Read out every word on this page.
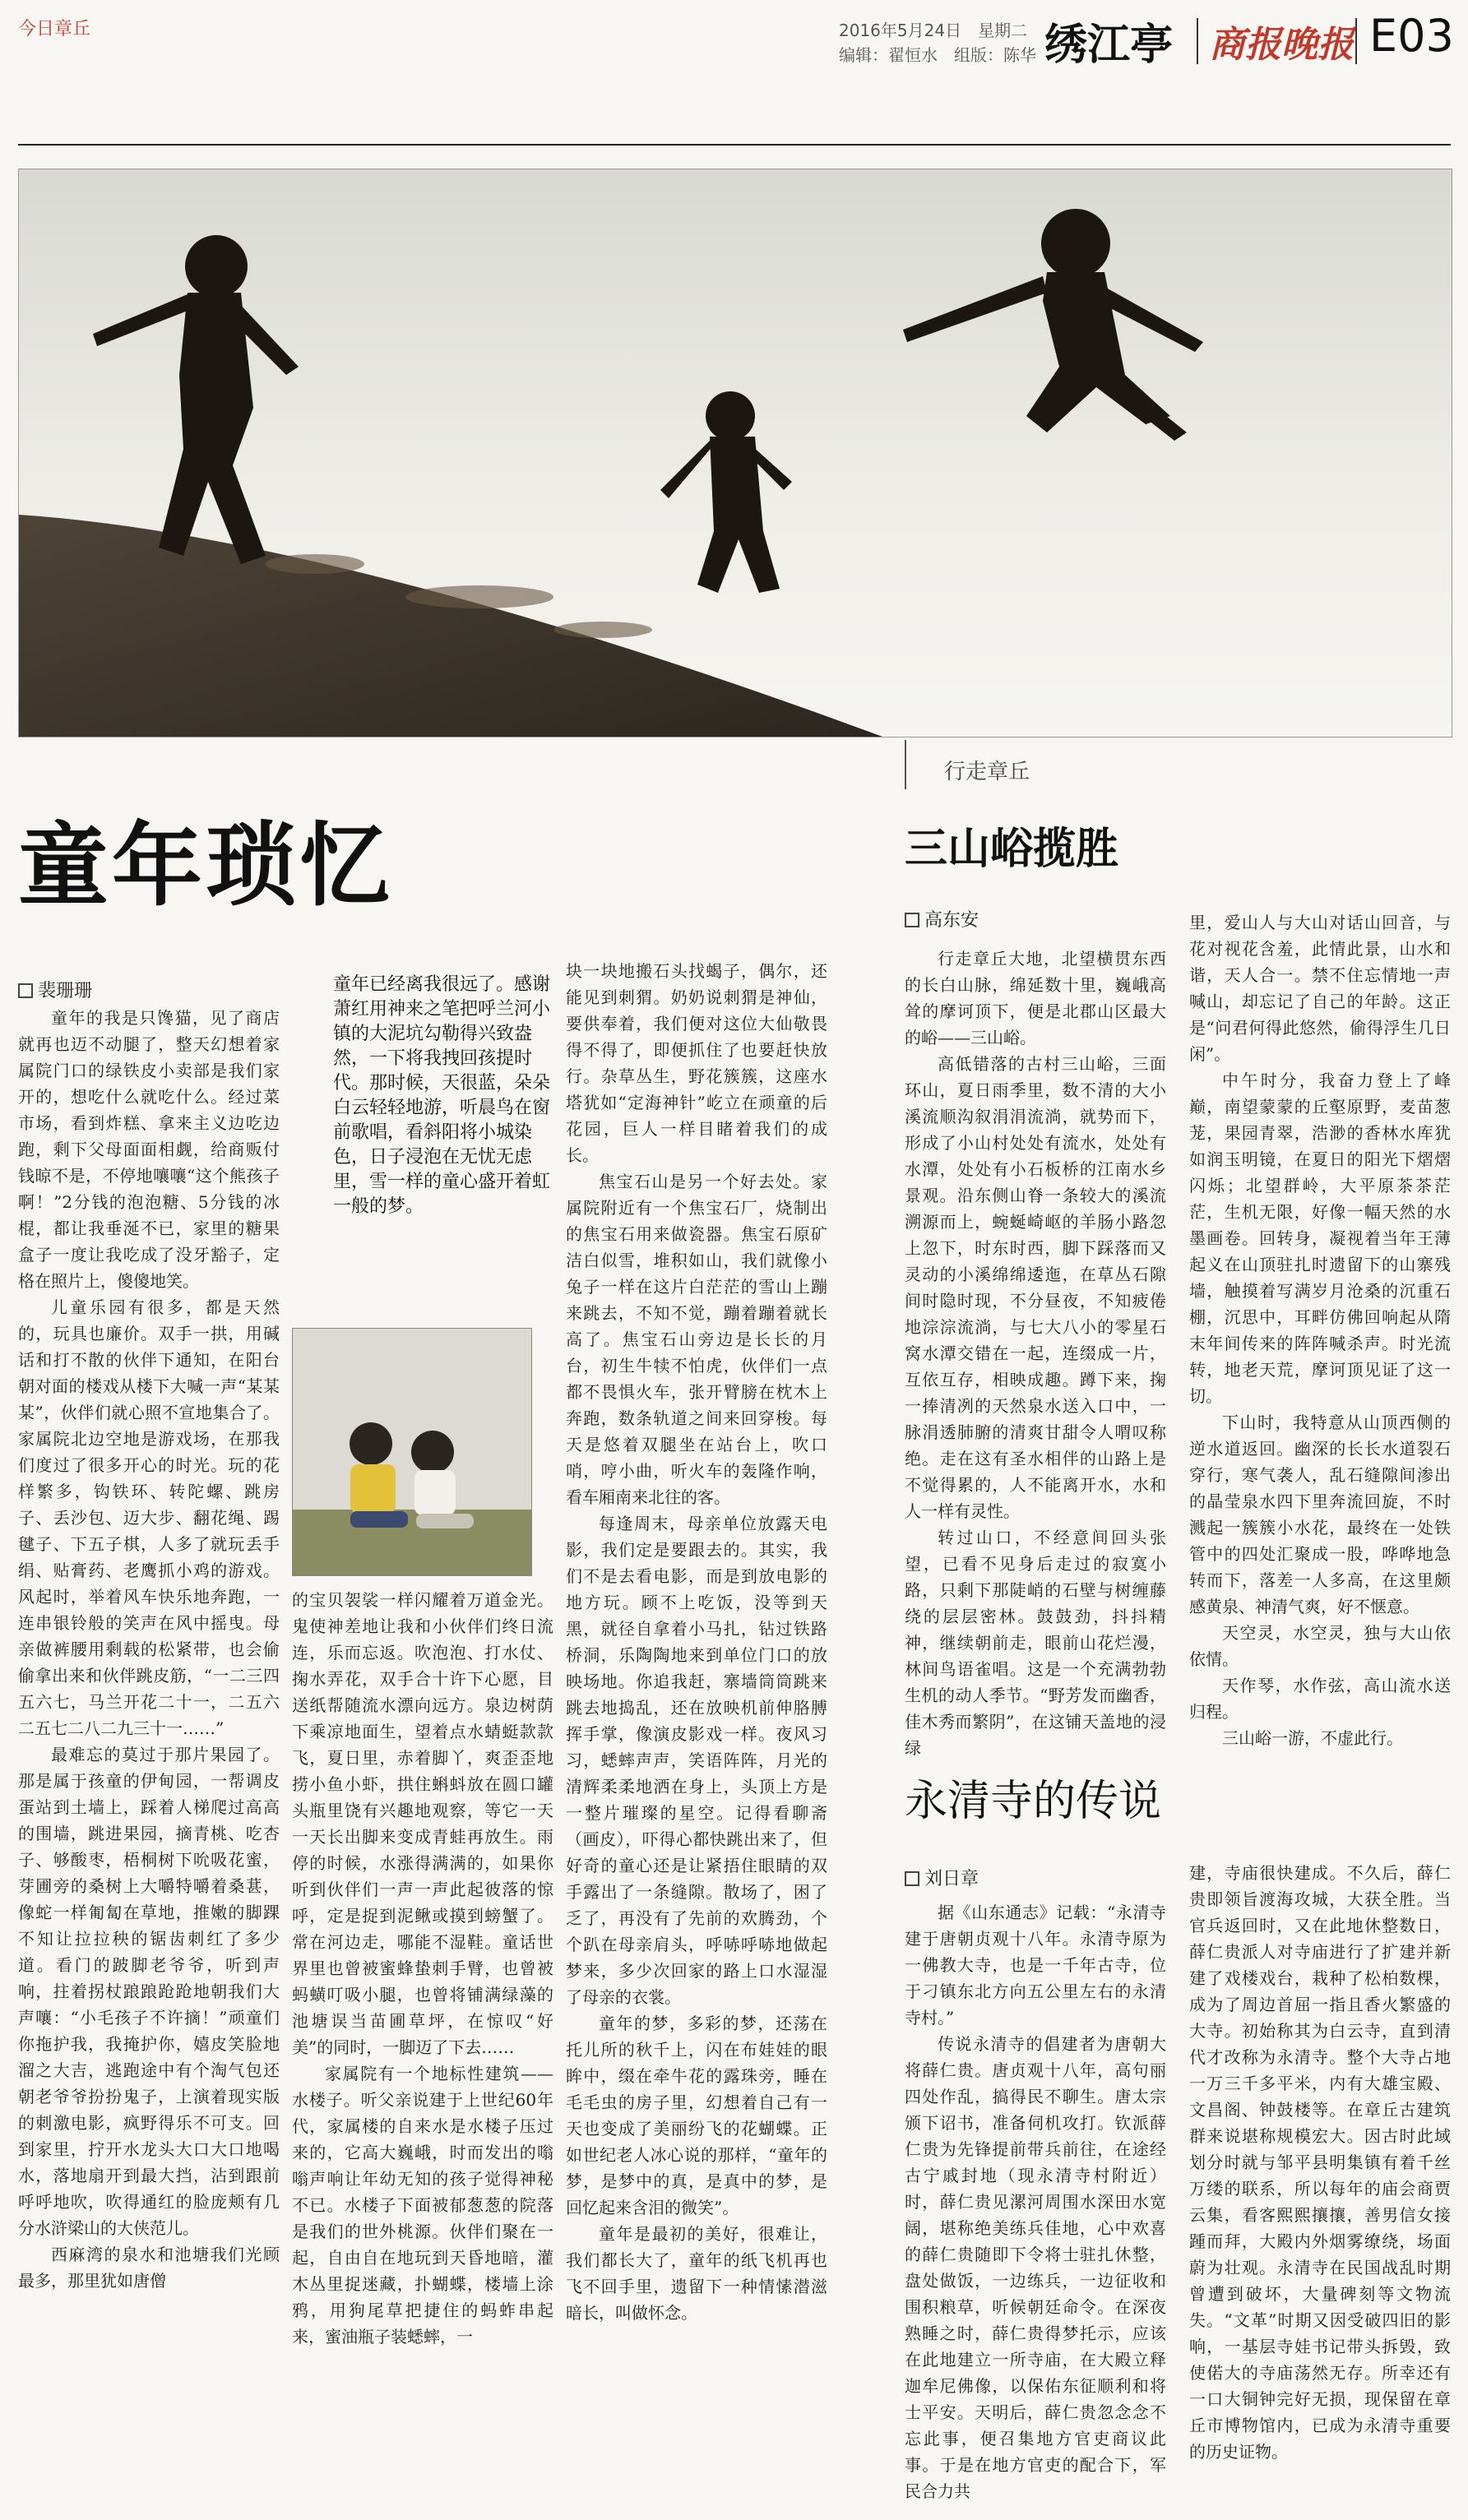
今日章丘	2016年5月24日　星期二
编辑：翟恒水　组版：陈华 绣江亭 商报晚报 E03
行走章丘
童年琐忆
裴珊珊	童年已经离我很远了。感谢萧红用神来之笔把呼兰河小镇的大泥坑勾勒得兴致盎然，一下将我拽回孩提时代。那时候，天很蓝，朵朵白云轻轻地游，听晨鸟在窗前歌唱，看斜阳将小城染色，日子浸泡在无忧无虑里，雪一样的童心盛开着虹一般的梦。

童年的我是只馋猫，见了商店就再也迈不动腿了，整天幻想着家属院门口的绿铁皮小卖部是我们家开的，想吃什么就吃什么。经过菜市场，看到炸糕、拿来主义边吃边跑，剩下父母面面相觑，给商贩付钱晾不是，不停地嚷嚷“这个熊孩子啊！”2分钱的泡泡糖、5分钱的冰棍，都让我垂涎不已，家里的糖果盒子一度让我吃成了没牙豁子，定格在照片上，傻傻地笑。

儿童乐园有很多，都是天然的，玩具也廉价。双手一拱，用碱话和打不散的伙伴下通知，在阳台朝对面的楼戏从楼下大喊一声“某某某”，伙伴们就心照不宣地集合了。家属院北边空地是游戏场，在那我们度过了很多开心的时光。玩的花样繁多，钩铁环、转陀螺、跳房子、丢沙包、迈大步、翻花绳、踢毽子、下五子棋，人多了就玩丢手绢、贴膏药、老鹰抓小鸡的游戏。风起时，举着风车快乐地奔跑，一连串银铃般的笑声在风中摇曳。母亲做裤腰用剩载的松紧带，也会偷偷拿出来和伙伴跳皮筋，“一二三四五六七，马兰开花二十一，二五六二五七二八二九三十一……”

最难忘的莫过于那片果园了。那是属于孩童的伊甸园，一帮调皮蛋站到土墙上，踩着人梯爬过高高的围墙，跳进果园，摘青桃、吃杏子、够酸枣，梧桐树下吮吸花蜜，芽圃旁的桑树上大嚼特嚼着桑葚，像蛇一样匍匐在草地，推嫩的脚踝不知让拉拉秧的锯齿刺红了多少道。看门的跛脚老爷爷，听到声响，拄着拐杖踉踉跄跄地朝我们大声嚷：“小毛孩子不许摘！”顽童们你拖护我，我掩护你，嬉皮笑脸地溜之大吉，逃跑途中有个淘气包还朝老爷爷扮扮鬼子，上演着现实版的刺激电影，疯野得乐不可支。回到家里，拧开水龙头大口大口地喝水，落地扇开到最大挡，沾到跟前呼呼地吹，吹得通红的脸庞颊有几分水浒梁山的大侠范儿。

西麻湾的泉水和池塘我们光顾最多，那里犹如唐僧

的宝贝袈裟一样闪耀着万道金光。鬼使神差地让我和小伙伴们终日流连，乐而忘返。吹泡泡、打水仗、掬水弄花，双手合十许下心愿，目送纸帮随流水漂向远方。泉边树荫下乘凉地面生，望着点水蜻蜓款款飞，夏日里，赤着脚丫，爽歪歪地捞小鱼小虾，拱住蝌蚪放在圆口罐头瓶里饶有兴趣地观察，等它一天一天长出脚来变成青蛙再放生。雨停的时候，水涨得满满的，如果你听到伙伴们一声一声此起彼落的惊呼，定是捉到泥鳅或摸到螃蟹了。常在河边走，哪能不湿鞋。童话世界里也曾被蜜蜂蛰刺手臂，也曾被蚂蟥叮吸小腿，也曾将铺满绿藻的池塘误当苗圃草坪，在惊叹“好美”的同时，一脚迈了下去……

家属院有一个地标性建筑——水楼子。听父亲说建于上世纪60年代，家属楼的自来水是水楼子压过来的，它高大巍峨，时而发出的嗡嗡声响让年幼无知的孩子觉得神秘不已。水楼子下面被郁葱葱的院落是我们的世外桃源。伙伴们聚在一起，自由自在地玩到天昏地暗，灌木丛里捉迷藏，扑蝴蝶，楼墙上涂鸦，用狗尾草把捷住的蚂蚱串起来，蜜油瓶子装蟋蟀，一

块一块地搬石头找蝎子，偶尔，还能见到刺猬。奶奶说刺猬是神仙，要供奉着，我们便对这位大仙敬畏得不得了，即便抓住了也要赶快放行。杂草丛生，野花簇簇，这座水塔犹如“定海神针”屹立在顽童的后花园，巨人一样目睹着我们的成长。

焦宝石山是另一个好去处。家属院附近有一个焦宝石厂，烧制出的焦宝石用来做瓷器。焦宝石原矿洁白似雪，堆积如山，我们就像小兔子一样在这片白茫茫的雪山上蹦来跳去，不知不觉，蹦着蹦着就长高了。焦宝石山旁边是长长的月台，初生牛犊不怕虎，伙伴们一点都不畏惧火车，张开臂膀在枕木上奔跑，数条轨道之间来回穿梭。每天是悠着双腿坐在站台上，吹口哨，哼小曲，听火车的轰隆作响，看车厢南来北往的客。

每逢周末，母亲单位放露天电影，我们定是要跟去的。其实，我们不是去看电影，而是到放电影的地方玩。顾不上吃饭，没等到天黑，就径自拿着小马扎，钻过铁路桥洞，乐陶陶地来到单位门口的放映场地。你追我赶，寨墙筒筒跳来跳去地捣乱，还在放映机前伸胳膊挥手掌，像演皮影戏一样。夜风习习，蟋蟀声声，笑语阵阵，月光的清辉柔柔地洒在身上，头顶上方是一整片璀璨的星空。记得看聊斋（画皮），吓得心都快跳出来了，但好奇的童心还是让紧捂住眼睛的双手露出了一条缝隙。散场了，困了乏了，再没有了先前的欢腾劲，个个趴在母亲肩头，呼哧呼哧地做起梦来，多少次回家的路上口水湿湿了母亲的衣裳。

童年的梦，多彩的梦，还荡在托儿所的秋千上，闪在布娃娃的眼眸中，缀在牵牛花的露珠旁，睡在毛毛虫的房子里，幻想着自己有一天也变成了美丽纷飞的花蝴蝶。正如世纪老人冰心说的那样，“童年的梦，是梦中的真，是真中的梦，是回忆起来含泪的微笑”。

童年是最初的美好，很难让，我们都长大了，童年的纸飞机再也飞不回手里，遗留下一种情愫潜滋暗长，叫做怀念。

三山峪揽胜
高东安

行走章丘大地，北望横贯东西的长白山脉，绵延数十里，巍峨高耸的摩诃顶下，便是北郡山区最大的峪——三山峪。

高低错落的古村三山峪，三面环山，夏日雨季里，数不清的大小溪流顺沟叙涓涓流淌，就势而下，形成了小山村处处有流水，处处有水潭，处处有小石板桥的江南水乡景观。沿东侧山脊一条较大的溪流溯源而上，蜿蜒崎岖的羊肠小路忽上忽下，时东时西，脚下踩落而又灵动的小溪绵绵逶迤，在草丛石隙间时隐时现，不分昼夜，不知疲倦地淙淙流淌，与七大八小的零星石窝水潭交错在一起，连缀成一片，互依互存，相映成趣。蹲下来，掬一捧清冽的天然泉水送入口中，一脉涓透肺腑的清爽甘甜令人喟叹称绝。走在这有圣水相伴的山路上是不觉得累的，人不能离开水，水和人一样有灵性。

转过山口，不经意间回头张望，已看不见身后走过的寂寞小路，只剩下那陡峭的石壁与树缠藤绕的层层密林。鼓鼓劲，抖抖精神，继续朝前走，眼前山花烂漫，林间鸟语雀唱。这是一个充满勃勃生机的动人季节。“野芳发而幽香，佳木秀而繁阴”，在这铺天盖地的浸绿

里，爱山人与大山对话山回音，与花对视花含羞，此情此景，山水和谐，天人合一。禁不住忘情地一声喊山，却忘记了自己的年龄。这正是“问君何得此悠然，偷得浮生几日闲”。

中午时分，我奋力登上了峰巅，南望蒙蒙的丘壑原野，麦苗葱茏，果园青翠，浩渺的香林水库犹如润玉明镜，在夏日的阳光下熠熠闪烁；北望群岭，大平原茶茶茫茫，生机无限，好像一幅天然的水墨画卷。回转身，凝视着当年王薄起义在山顶驻扎时遗留下的山寨残墙，触摸着写满岁月沧桑的沉重石棚，沉思中，耳畔仿佛回响起从隋末年间传来的阵阵喊杀声。时光流转，地老天荒，摩诃顶见证了这一切。

下山时，我特意从山顶西侧的逆水道返回。幽深的长长水道裂石穿行，寒气袭人，乱石缝隙间渗出的晶莹泉水四下里奔流回旋，不时溅起一簇簇小水花，最终在一处铁管中的四处汇聚成一股，哗哗地急转而下，落差一人多高，在这里颇感黄泉、神清气爽，好不惬意。

天空灵，水空灵，独与大山依依情。

天作琴，水作弦，高山流水送归程。

三山峪一游，不虚此行。

永清寺的传说
刘日章

据《山东通志》记载：“永清寺建于唐朝贞观十八年。永清寺原为一佛教大寺，也是一千年古寺，位于刁镇东北方向五公里左右的永清寺村。”

传说永清寺的倡建者为唐朝大将薛仁贵。唐贞观十八年，高句丽四处作乱，搞得民不聊生。唐太宗颁下诏书，准备伺机攻打。钦派薛仁贵为先锋提前带兵前往，在途经古宁戚封地（现永清寺村附近）时，薛仁贵见漯河周围水深田水宽阔，堪称绝美练兵佳地，心中欢喜的薛仁贵随即下令将士驻扎休整，盘处做饭，一边练兵，一边征收和围积粮草，听候朝廷命令。在深夜熟睡之时，薛仁贵得梦托示，应该在此地建立一所寺庙，在大殿立释迦牟尼佛像，以保佑东征顺利和将士平安。天明后，薛仁贵忽念念不忘此事，便召集地方官吏商议此事。于是在地方官吏的配合下，军民合力共

建，寺庙很快建成。不久后，薛仁贵即领旨渡海攻城，大获全胜。当官兵返回时，又在此地休整数日，薛仁贵派人对寺庙进行了扩建并新建了戏楼戏台，栽种了松柏数棵，成为了周边首屈一指且香火繁盛的大寺。初始称其为白云寺，直到清代才改称为永清寺。整个大寺占地一万三千多平米，内有大雄宝殿、文昌阁、钟鼓楼等。在章丘古建筑群来说堪称规模宏大。因古时此域划分时就与邹平县明集镇有着千丝万缕的联系，所以每年的庙会商贾云集，看客熙熙攘攘，善男信女接踵而拜，大殿内外烟雾缭绕，场面蔚为壮观。永清寺在民国战乱时期曾遭到破坏，大量碑刻等文物流失。“文革”时期又因受破四旧的影响，一基层寺娃书记带头拆毁，致使偌大的寺庙荡然无存。所幸还有一口大铜钟完好无损，现保留在章丘市博物馆内，已成为永清寺重要的历史证物。
